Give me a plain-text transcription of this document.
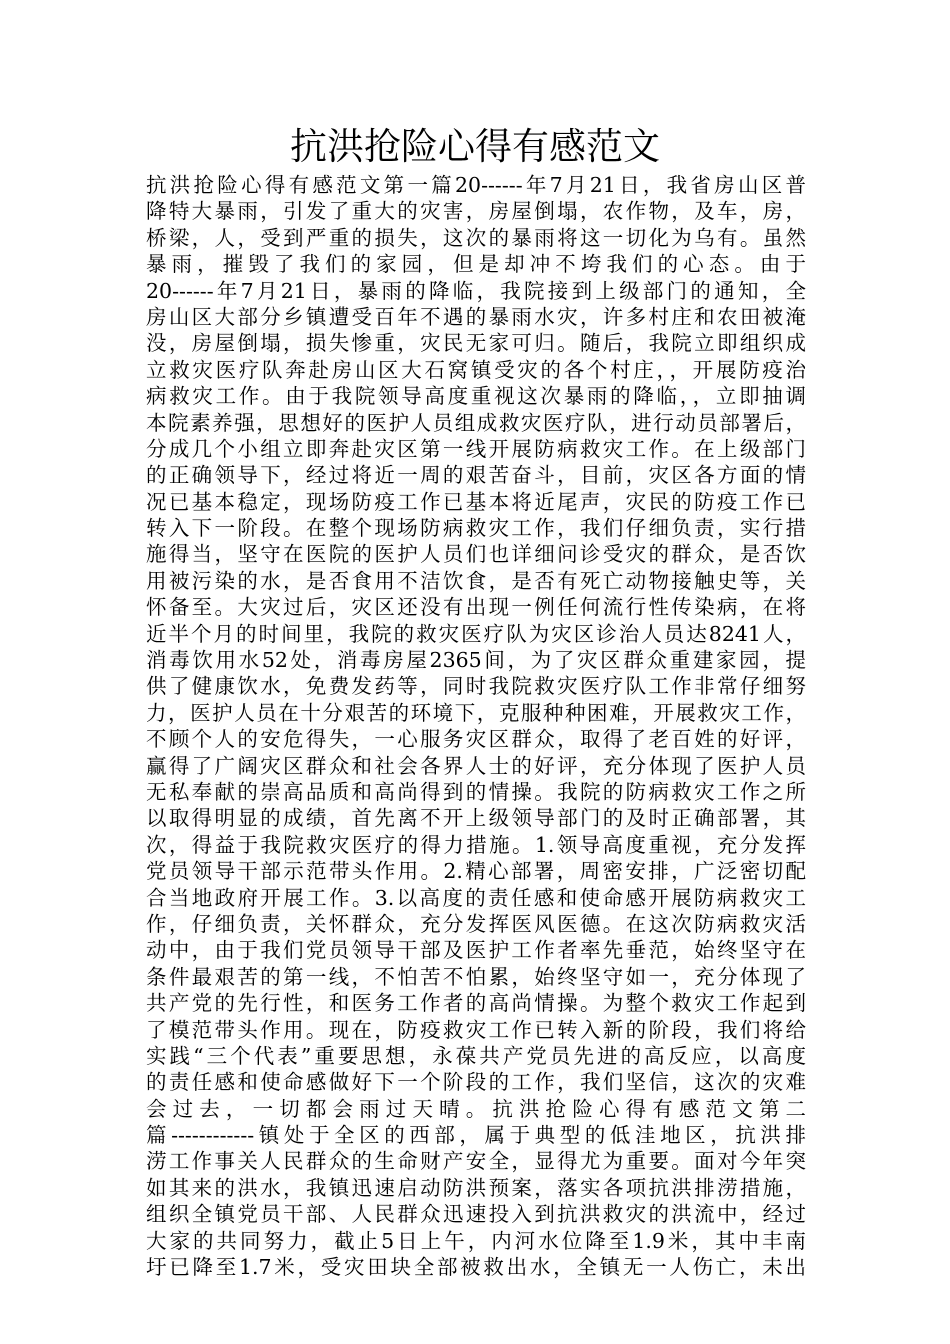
抗洪抢险心得有感范文
抗洪抢险心得有感范文第一篇20------年7月21日，我省房山区普
降特大暴雨，引发了重大的灾害，房屋倒塌，农作物，及车，房，
桥梁，人，受到严重的损失，这次的暴雨将这一切化为乌有。虽然
暴雨，摧毁了我们的家园，但是却冲不垮我们的心态。由于
20------年7月21日，暴雨的降临，我院接到上级部门的通知，全
房山区大部分乡镇遭受百年不遇的暴雨水灾，许多村庄和农田被淹
没，房屋倒塌，损失惨重，灾民无家可归。随后，我院立即组织成
立救灾医疗队奔赴房山区大石窝镇受灾的各个村庄，，开展防疫治
病救灾工作。由于我院领导高度重视这次暴雨的降临，，立即抽调
本院素养强，思想好的医护人员组成救灾医疗队，进行动员部署后，
分成几个小组立即奔赴灾区第一线开展防病救灾工作。在上级部门
的正确领导下，经过将近一周的艰苦奋斗，目前，灾区各方面的情
况已基本稳定，现场防疫工作已基本将近尾声，灾民的防疫工作已
转入下一阶段。在整个现场防病救灾工作，我们仔细负责，实行措
施得当，坚守在医院的医护人员们也详细问诊受灾的群众，是否饮
用被污染的水，是否食用不洁饮食，是否有死亡动物接触史等，关
怀备至。大灾过后，灾区还没有出现一例任何流行性传染病，在将
近半个月的时间里，我院的救灾医疗队为灾区诊治人员达8241人，
消毒饮用水52处，消毒房屋2365间，为了灾区群众重建家园，提
供了健康饮水，免费发药等，同时我院救灾医疗队工作非常仔细努
力，医护人员在十分艰苦的环境下，克服种种困难，开展救灾工作，
不顾个人的安危得失，一心服务灾区群众，取得了老百姓的好评，
赢得了广阔灾区群众和社会各界人士的好评，充分体现了医护人员
无私奉献的崇高品质和高尚得到的情操。我院的防病救灾工作之所
以取得明显的成绩，首先离不开上级领导部门的及时正确部署，其
次，得益于我院救灾医疗的得力措施。1.领导高度重视，充分发挥
党员领导干部示范带头作用。2.精心部署，周密安排，广泛密切配
合当地政府开展工作。3.以高度的责任感和使命感开展防病救灾工
作，仔细负责，关怀群众，充分发挥医风医德。在这次防病救灾活
动中，由于我们党员领导干部及医护工作者率先垂范，始终坚守在
条件最艰苦的第一线，不怕苦不怕累，始终坚守如一，充分体现了
共产党的先行性，和医务工作者的高尚情操。为整个救灾工作起到
了模范带头作用。现在，防疫救灾工作已转入新的阶段，我们将给
实践“三个代表”重要思想，永葆共产党员先进的高反应，以高度
的责任感和使命感做好下一个阶段的工作，我们坚信，这次的灾难
会过去，一切都会雨过天晴。抗洪抢险心得有感范文第二
篇------------镇处于全区的西部，属于典型的低洼地区，抗洪排
涝工作事关人民群众的生命财产安全，显得尤为重要。面对今年突
如其来的洪水，我镇迅速启动防洪预案，落实各项抗洪排涝措施，
组织全镇党员干部、人民群众迅速投入到抗洪救灾的洪流中，经过
大家的共同努力，截止5日上午，内河水位降至1.9米，其中丰南
圩已降至1.7米，受灾田块全部被救出水，全镇无一人伤亡，未出
